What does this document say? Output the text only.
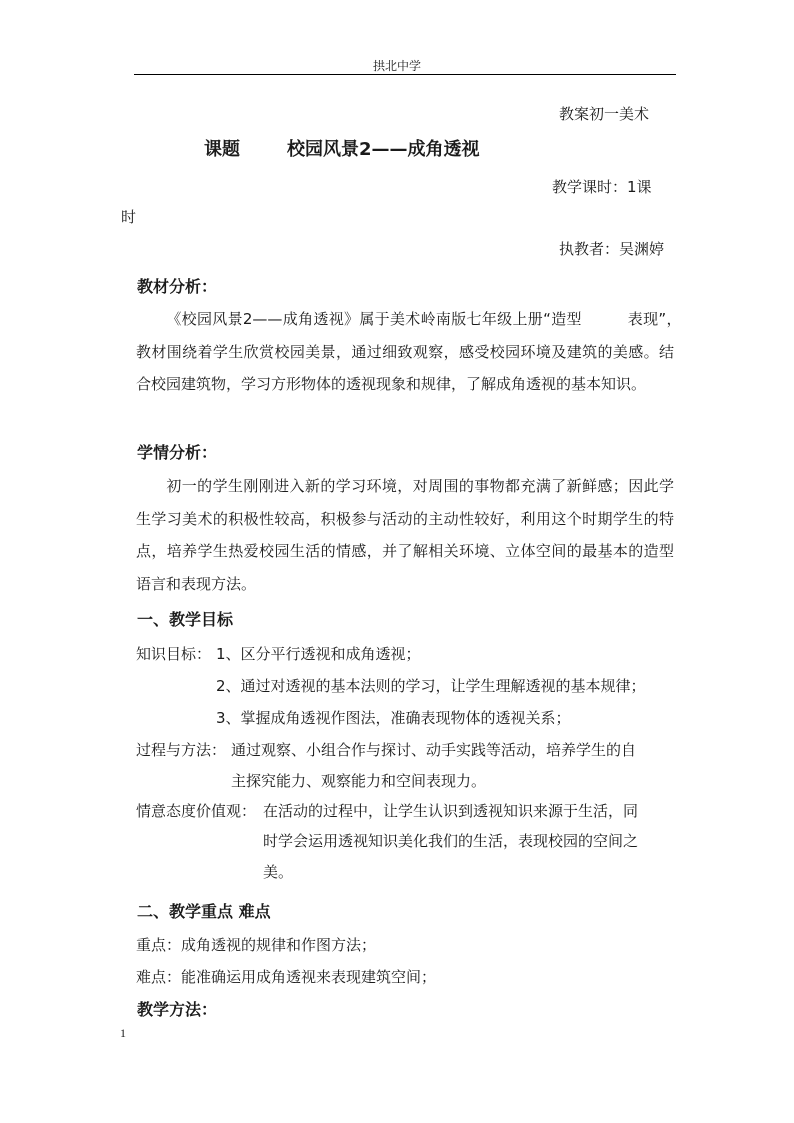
拱北中学
教案初一美术
课题	校园风景2——成角透视
教学课时：1课
时
执教者：吴渊婷
教材分析：
《校园风景2——成角透视》属于美术岭南版七年级上册“造型　　　表现”，　教材围绕着学生欣赏校园美景，通过细致观察，感受校园环境及建筑的美感。结合校园建筑物，学习方形物体的透视现象和规律，了解成角透视的基本知识。
学情分析：
初一的学生刚刚进入新的学习环境，对周围的事物都充满了新鲜感；因此学生学习美术的积极性较高，积极参与活动的主动性较好，利用这个时期学生的特点，培养学生热爱校园生活的情感，并了解相关环境、立体空间的最基本的造型语言和表现方法。
一、教学目标
知识目标： 1、区分平行透视和成角透视；
2、通过对透视的基本法则的学习，让学生理解透视的基本规律；
3、掌握成角透视作图法，准确表现物体的透视关系；
过程与方法： 通过观察、小组合作与探讨、动手实践等活动，培养学生的自
主探究能力、观察能力和空间表现力。
情意态度价值观： 在活动的过程中，让学生认识到透视知识来源于生活，同
时学会运用透视知识美化我们的生活，表现校园的空间之
美。
二、教学重点 难点
重点：成角透视的规律和作图方法；
难点：能准确运用成角透视来表现建筑空间；
教学方法：
1
